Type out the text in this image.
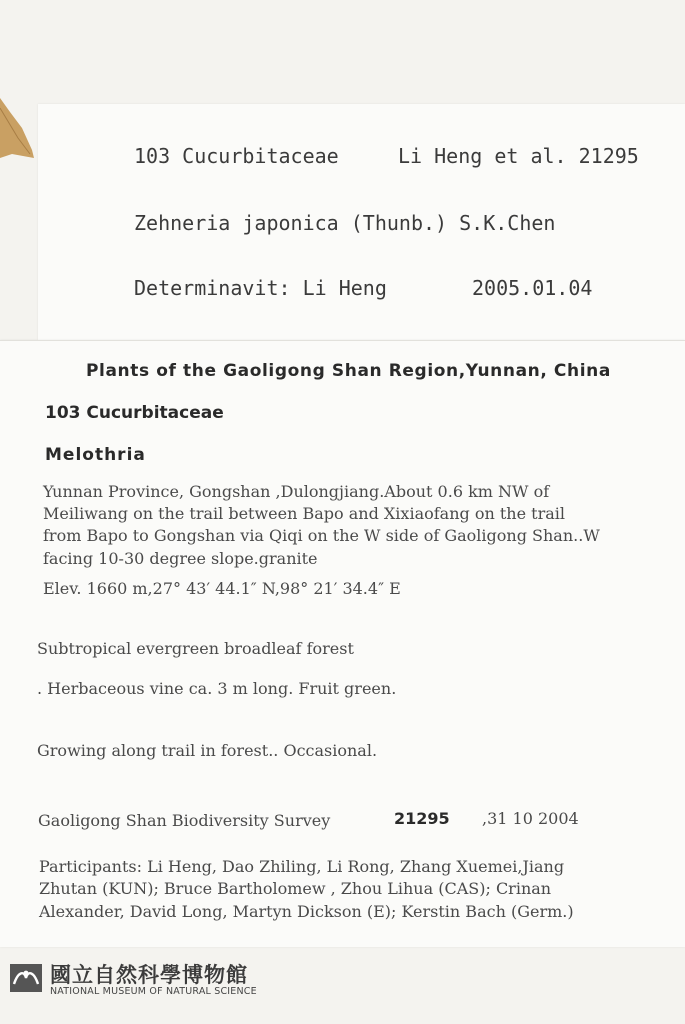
103 Cucurbitaceae	Li Heng et al. 21295
Zehneria japonica (Thunb.) S.K.Chen
Determinavit: Li Heng	2005.01.04
Plants of the Gaoligong Shan Region,Yunnan, China
103 Cucurbitaceae
Melothria
Yunnan Province, Gongshan ,Dulongjiang.About 0.6 km NW of
Meiliwang on the trail between Bapo and Xixiaofang on the trail
from Bapo to Gongshan via Qiqi on the W side of Gaoligong Shan..W
facing 10-30 degree slope.granite
Elev. 1660 m,27° 43′ 44.1″ N,98° 21′ 34.4″ E
Subtropical evergreen broadleaf forest
. Herbaceous vine ca. 3 m long. Fruit green.
Growing along trail in forest.. Occasional.
Gaoligong Shan Biodiversity Survey	21295 ,31 10 2004
Participants: Li Heng, Dao Zhiling, Li Rong, Zhang Xuemei,Jiang
Zhutan (KUN); Bruce Bartholomew , Zhou Lihua (CAS); Crinan
Alexander, David Long, Martyn Dickson (E); Kerstin Bach (Germ.)
國立自然科學博物館
NATIONAL MUSEUM OF NATURAL SCIENCE
